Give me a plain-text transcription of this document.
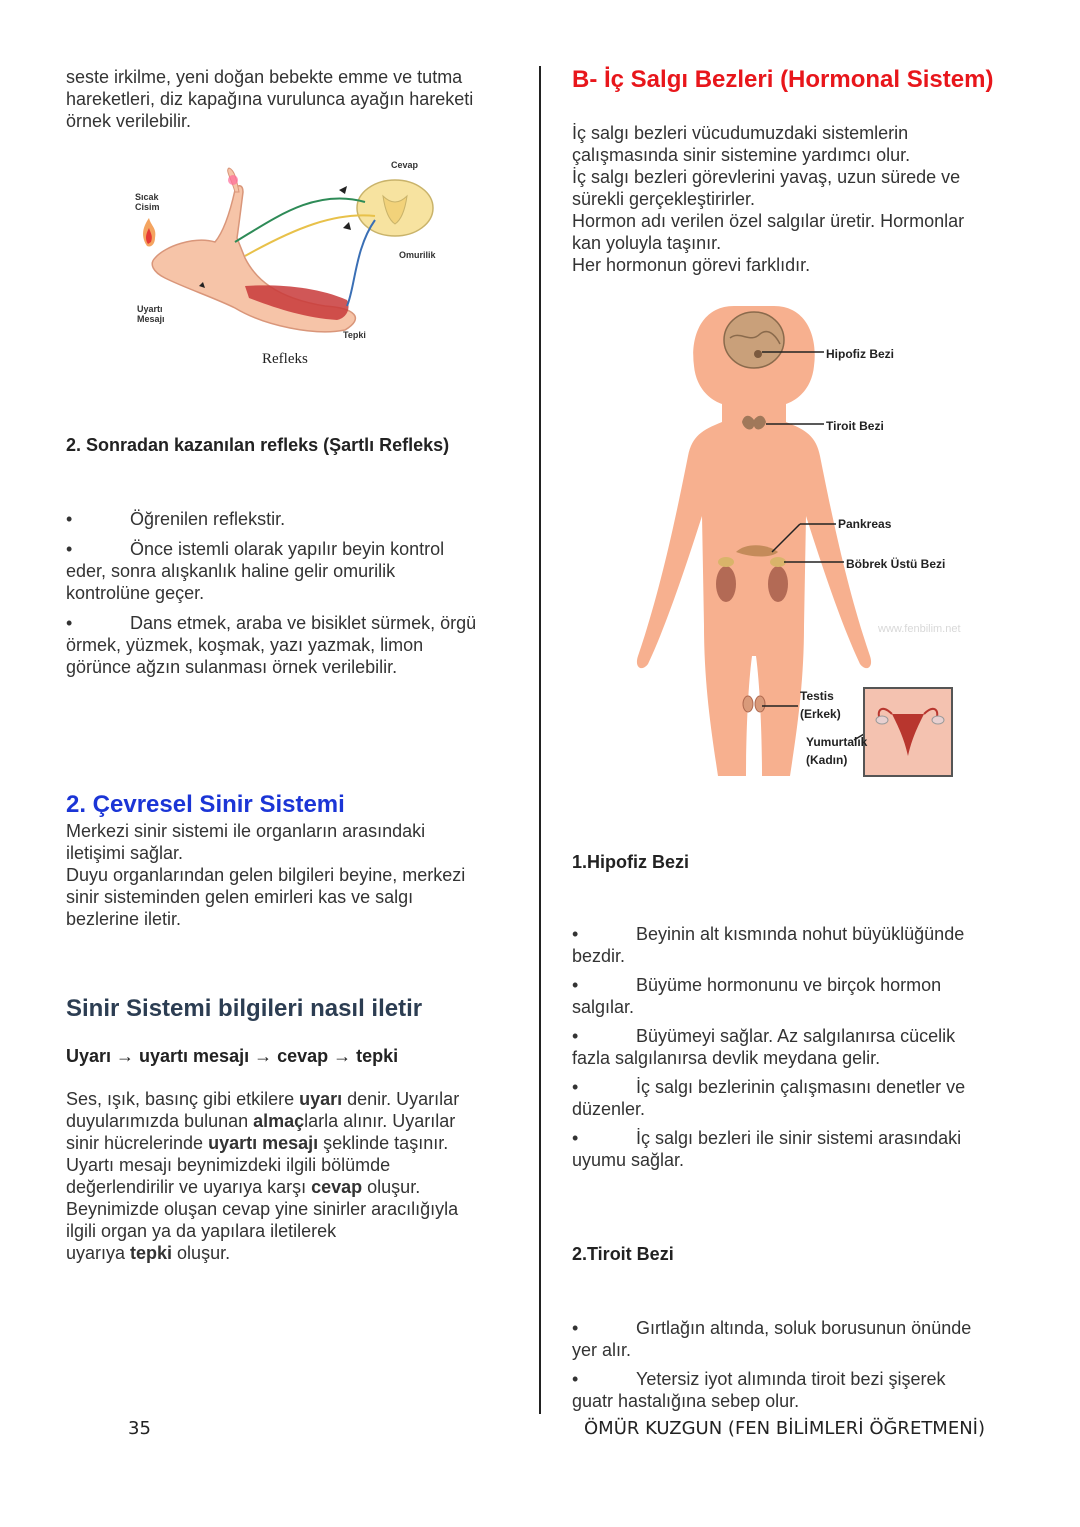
seste irkilme, yeni doğan bebekte emme ve tutma

hareketleri, diz kapağına vurulunca ayağın hareketi

örnek verilebilir.

Sıcak
Cisim
Cevap
Omurilik
Uyartı
Mesajı
Tepki
Refleks
2. Sonradan kazanılan refleks (Şartlı Refleks)
•	Öğrenilen reflekstir.
•	Önce istemli olarak yapılır beyin kontrol
eder, sonra alışkanlık haline gelir omurilik
kontrolüne geçer.
•	Dans etmek, araba ve bisiklet sürmek, örgü
örmek, yüzmek, koşmak, yazı yazmak, limon
görünce ağzın sulanması örnek verilebilir.
2. Çevresel Sinir Sistemi

Merkezi sinir sistemi ile organların arasındaki

iletişimi sağlar.

Duyu organlarından gelen bilgileri beyine, merkezi

sinir sisteminden gelen emirleri kas ve salgı

bezlerine iletir.

Sinir Sistemi bilgileri nasıl iletir
Uyarı → uyartı mesajı → cevap → tepki

Ses, ışık, basınç gibi etkilere uyarı denir. Uyarılar

duyularımızda bulunan almaçlarla alınır. Uyarılar

sinir hücrelerinde uyartı mesajı şeklinde taşınır.

Uyartı mesajı beynimizdeki ilgili bölümde

değerlendirilir ve uyarıya karşı cevap oluşur.

Beynimizde oluşan cevap yine sinirler aracılığıyla

ilgili organ ya da yapılara iletilerek

uyarıya tepki oluşur.

B- İç Salgı Bezleri (Hormonal Sistem)

İç salgı bezleri vücudumuzdaki sistemlerin

çalışmasında sinir sistemine yardımcı olur.

İç salgı bezleri görevlerini yavaş, uzun sürede ve

sürekli gerçekleştirirler.

Hormon adı verilen özel salgılar üretir. Hormonlar

kan yoluyla taşınır.

Her hormonun görevi farklıdır.

Hipofiz Bezi
Tiroit Bezi
Pankreas
Böbrek Üstü Bezi
www.fenbilim.net
Testis
(Erkek)
Yumurtalık
(Kadın)
1.Hipofiz Bezi
•	Beyinin alt kısmında nohut büyüklüğünde
bezdir.
•	Büyüme hormonunu ve birçok hormon
salgılar.
•	Büyümeyi sağlar. Az salgılanırsa cücelik
fazla salgılanırsa devlik meydana gelir.
•	İç salgı bezlerinin çalışmasını denetler ve
düzenler.
•	İç salgı bezleri ile sinir sistemi arasındaki
uyumu sağlar.
2.Tiroit Bezi
•	Gırtlağın altında, soluk borusunun önünde
yer alır.
•	Yetersiz iyot alımında tiroit bezi şişerek
guatr hastalığına sebep olur.
35	ÖMÜR KUZGUN (FEN BİLİMLERİ ÖĞRETMENİ)
